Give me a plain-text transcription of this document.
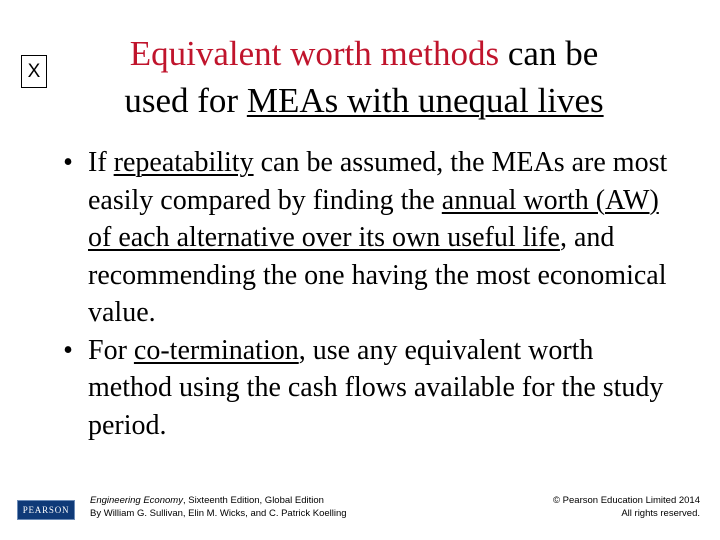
X	Equivalent worth methods can be
used for MEAs with unequal lives
• If repeatability can be assumed, the MEAs are most easily compared by finding the annual worth (AW) of each alternative over its own useful life, and recommending the one having the most economical value.
• For co-termination, use any equivalent worth method using the cash flows available for the study period.
PEARSON
Engineering Economy, Sixteenth Edition, Global Edition
By William G. Sullivan, Elin M. Wicks, and C. Patrick Koelling
© Pearson Education Limited 2014
All rights reserved.
